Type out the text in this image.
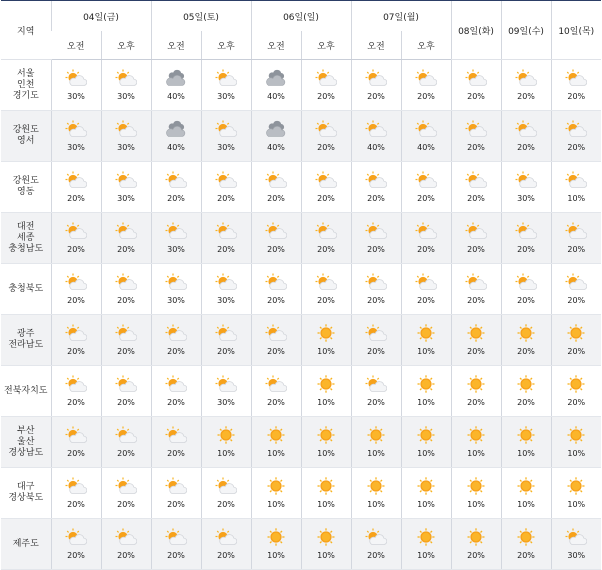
지역	04일(금)		05일(토)		06일(일)		07일(월)		08일(화)	09일(수)	10일(목)
	오전	오후	오전	오후	오전	오후	오전	오후			

서울
인천
경기도	30%	30%	40%	30%	40%	20%	20%	20%	20%	20%	20%

강원도
영서	30%	30%	40%	30%	40%	20%	40%	40%	20%	20%	20%

강원도
영동	20%	30%	20%	20%	20%	20%	20%	20%	20%	30%	10%

대전
세종
충청남도	20%	20%	30%	20%	20%	20%	20%	20%	20%	20%	20%

충청북도	20%	20%	30%	30%	20%	20%	20%	20%	20%	20%	20%

광주
전라남도	20%	20%	20%	20%	20%	10%	20%	10%	20%	20%	20%

전북자치도	20%	20%	20%	30%	20%	10%	20%	10%	20%	20%	20%

부산
울산
경상남도	20%	20%	20%	10%	10%	10%	10%	10%	10%	10%	10%

대구
경상북도	20%	20%	20%	20%	10%	10%	10%	10%	10%	10%	10%

제주도	20%	20%	20%	20%	10%	10%	20%	10%	20%	20%	30%
